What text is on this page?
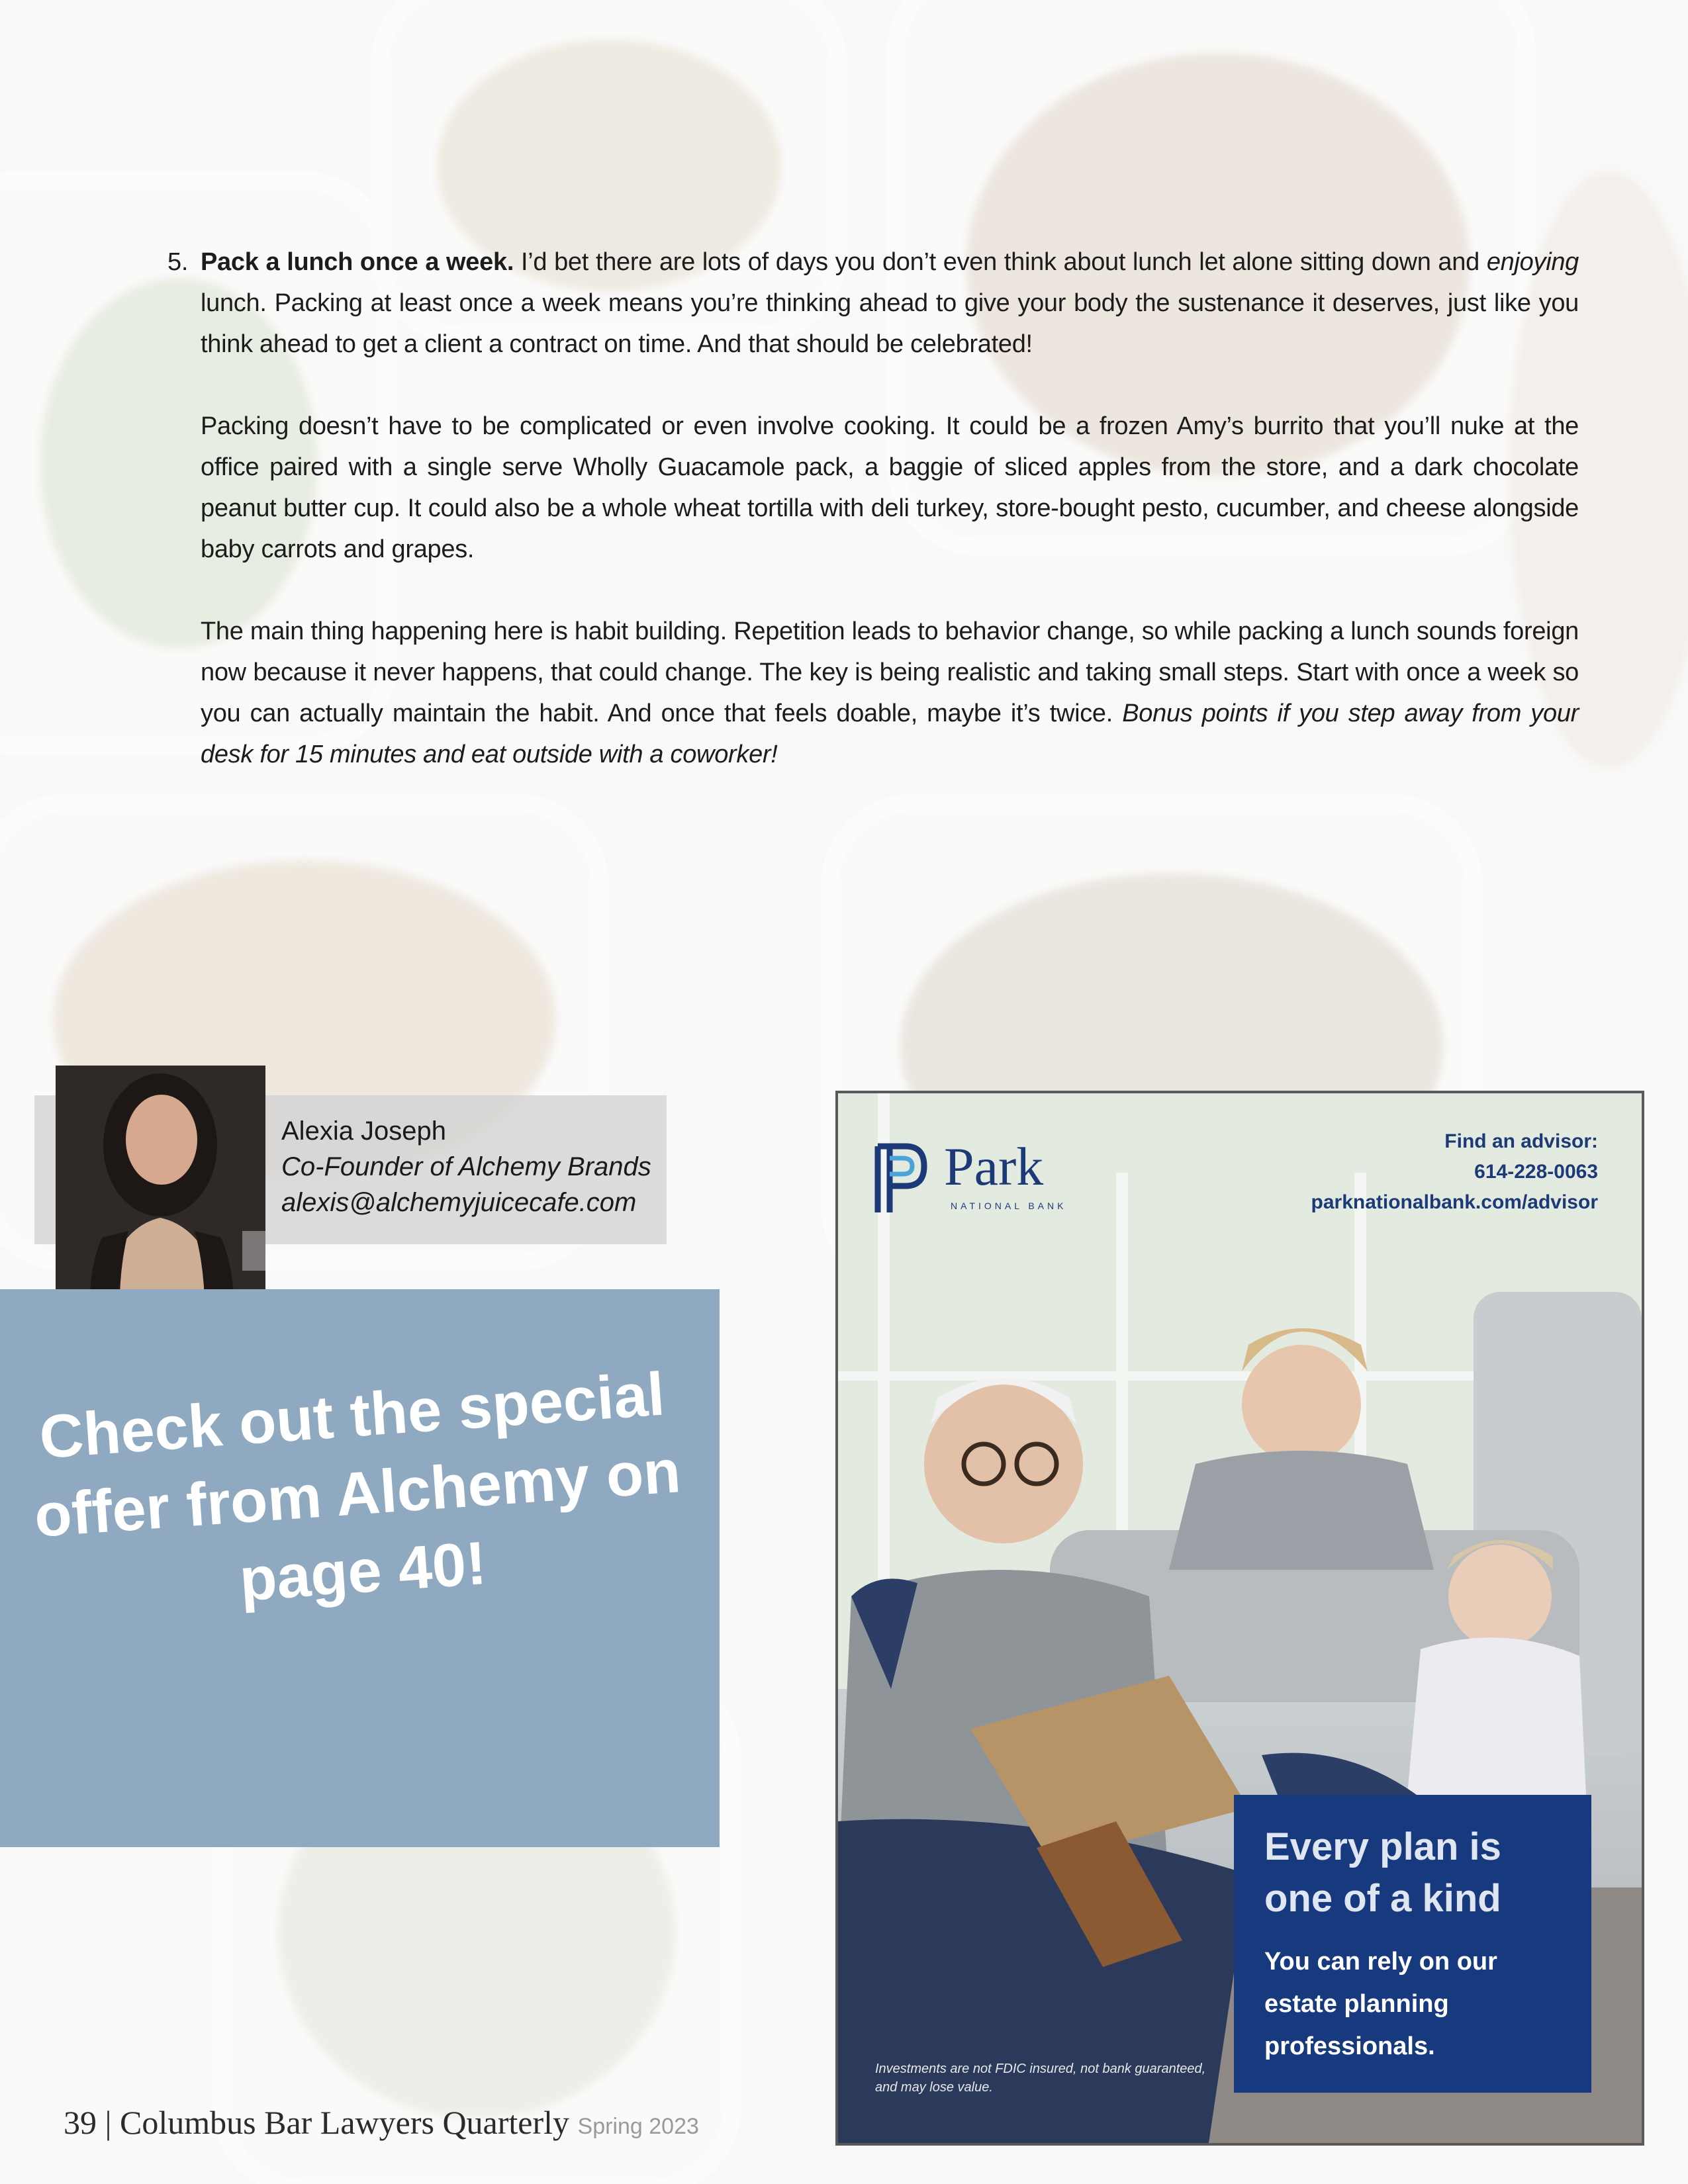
5. Pack a lunch once a week. I’d bet there are lots of days you don’t even think about lunch let alone sitting down and enjoying lunch. Packing at least once a week means you’re thinking ahead to give your body the sustenance it deserves, just like you think ahead to get a client a contract on time. And that should be celebrated!

Packing doesn’t have to be complicated or even involve cooking. It could be a frozen Amy’s burrito that you’ll nuke at the office paired with a single serve Wholly Guacamole pack, a baggie of sliced apples from the store, and a dark chocolate peanut butter cup. It could also be a whole wheat tortilla with deli turkey, store-bought pesto, cucumber, and cheese alongside baby carrots and grapes.

The main thing happening here is habit building. Repetition leads to behavior change, so while packing a lunch sounds foreign now because it never happens, that could change. The key is being realistic and taking small steps. Start with once a week so you can actually maintain the habit. And once that feels doable, maybe it’s twice. Bonus points if you step away from your desk for 15 minutes and eat outside with a coworker!

Alexia Joseph
Co-Founder of Alchemy Brands
alexis@alchemyjuicecafe.com
Check out the special offer from Alchemy on page 40!
Park
NATIONAL BANK
Find an advisor:
614-228-0063
parknationalbank.com/advisor
Every plan is one of a kind
You can rely on our estate planning professionals.
Investments are not FDIC insured, not bank guaranteed, and may lose value.
39 | Columbus Bar Lawyers Quarterly Spring 2023
